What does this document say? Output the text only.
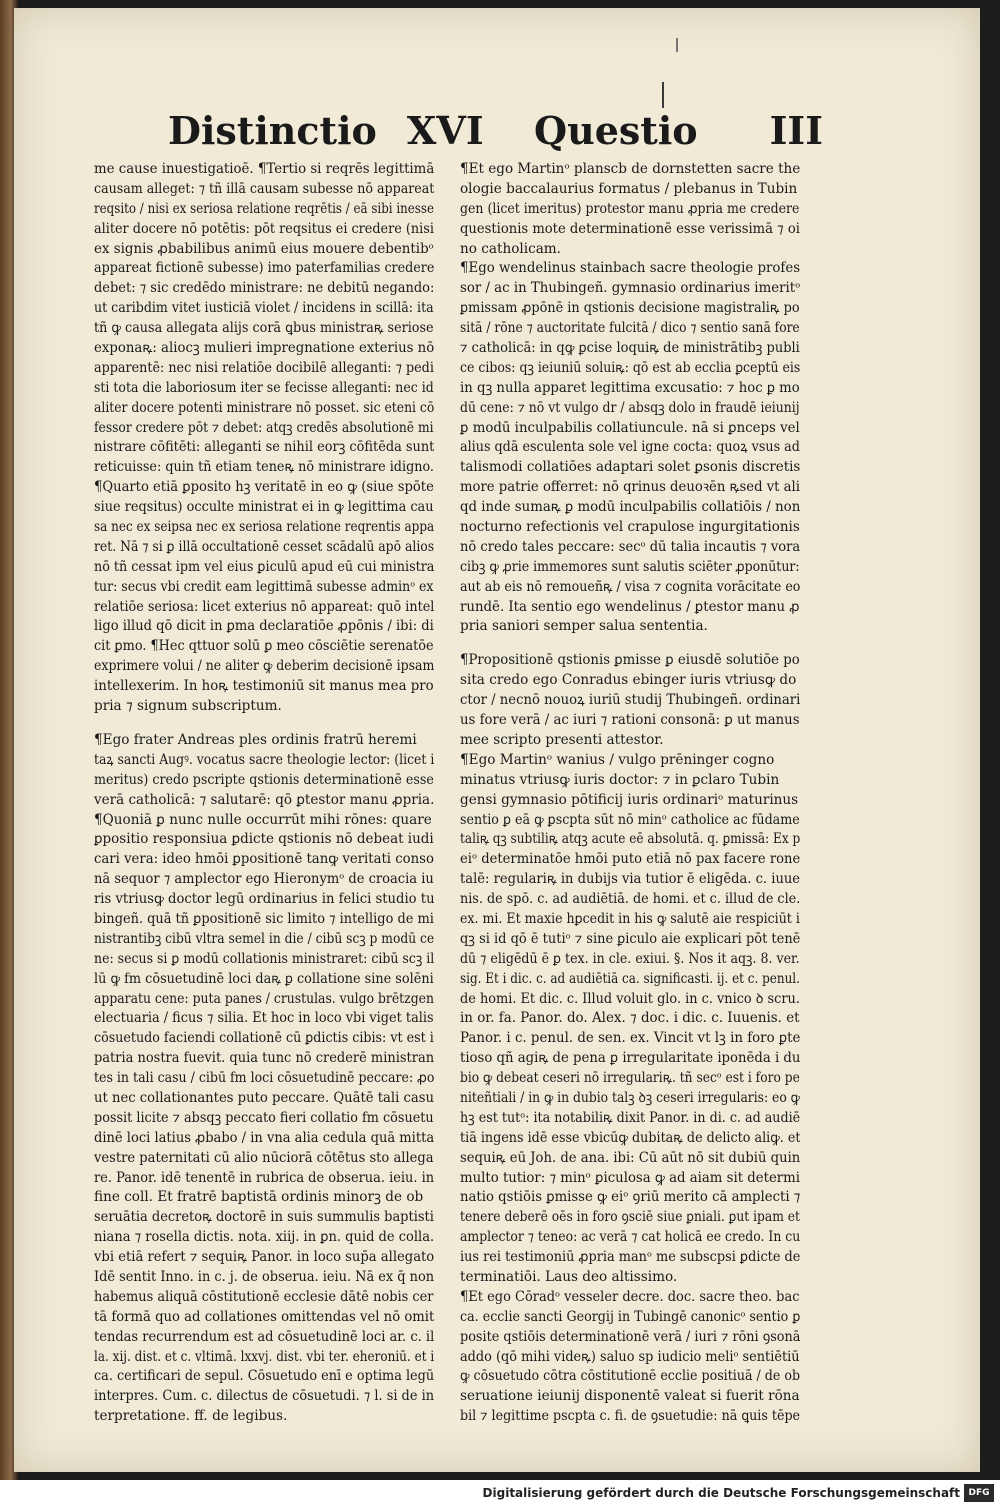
Distinctio XVI Questio III
me cause inuestigatioē. ¶Tertio si reqrēs legittimā
causam alleget: ⁊ tñ illā causam subesse nō appareat
reqsito / nisi ex seriosa relatione reqrētis / eā sibi inesse
aliter docere nō potētis: pōt reqsitus ei credere (nisi
ex signis ꝓbabilibus animū eius mouere debentibᵒ
appareat fictionē subesse) imo paterfamilias credere
debet: ⁊ sic credēdo ministrare: ne debitū negando:
ut caribdim vitet iusticiā violet / incidens in scillā: ita
tñ ꝙ causa allegata alijs corā ꝗbus ministraꝶ seriose
exponaꝶ: aliocꝫ mulieri impregnatione exterius nō
apparentē: nec nisi relatiōe docibilē alleganti: ⁊ pedi
sti tota die laboriosum iter se fecisse alleganti: nec id
aliter docere potenti ministrare nō posset. sic eteni cō
fessor credere pōt ⁊ debet: atqꝫ credēs absolutionē mi
nistrare cōfitēti: alleganti se nihil eorꝫ cōfitēda sunt
reticuisse: quin tñ etiam teneꝶ nō ministrare idigno.
¶Quarto etiā ꝑposito hꝫ veritatē in eo ꝙ (siue spōte
siue reqsitus) occulte ministrat ei in ꝙ legittima cau
sa nec ex seipsa nec ex seriosa relatione reqrentis appa
ret. Nā ⁊ si ꝑ illā occultationē cesset scādalū apō alios
nō tñ cessat ipm vel eius ꝑiculū apud eū cui ministra
tur: secus vbi credit eam legittimā subesse adminᵒ ex
relatiōe seriosa: licet exterius nō appareat: quō intel
ligo illud qō dicit in ꝑma declaratiōe ꝓpōnis / ibi: di
cit ꝑmo. ¶Hec qttuor solū ꝑ meo cōsciētie serenatōe
exprimere volui / ne aliter ꝙ deberim decisionē ipsam
intellexerim. In hoꝶ testimoniū sit manus mea pro
pria ⁊ signum subscriptum.
¶Ego frater Andreas ples ordinis fratrū heremi
taꝝ sancti Augꝰ. vocatus sacre theologie lector: (licet i
meritus) credo pscripte qstionis determinationē esse
verā catholicā: ⁊ salutarē: qō ꝑtestor manu ꝓpria.
¶Quoniā ꝑ nunc nulle occurrūt mihi rōnes: quare
ꝑpositio responsiua ꝑdicte qstionis nō debeat iudi
cari vera: ideo hmōi ꝑpositionē tanꝙ veritati conso
nā sequor ⁊ amplector ego Hieronymᵒ de croacia iu
ris vtriusꝙ doctor legū ordinarius in felici studio tu
bingeñ. quā tñ ꝑpositionē sic limito ⁊ intelligo de mi
nistrantibꝫ cibū vltra semel in die / cibū scꝫ p modū ce
ne: secus si ꝑ modū collationis ministraret: cibū scꝫ il
lū ꝙ fm cōsuetudinē loci daꝶ ꝑ collatione sine solēni
apparatu cene: puta panes / crustulas. vulgo brētzgen
electuaria / ficus ⁊ silia. Et hoc in loco vbi viget talis
cōsuetudo faciendi collationē cū ꝑdictis cibis: vt est i
patria nostra fuevit. quia tunc nō crederē ministran
tes in tali casu / cibū fm loci cōsuetudinē peccare: ꝓo
ut nec collationantes puto peccare. Quātē tali casu
possit licite ⁊ absqꝫ peccato fieri collatio fm cōsuetu
dinē loci latius ꝓbabo / in vna alia cedula quā mitta
vestre paternitati cū alio nūciorā cōtētus sto allega
re. Panor. idē tenentē in rubrica de obserua. ieiu. in
fine coll. Et fratrē baptistā ordinis minorꝫ de ob
seruātia decretoꝶ doctorē in suis summulis baptisti
niana ⁊ rosella dictis. nota. xiij. in ꝑn. quid de colla.
vbi etiā refert ⁊ sequiꝶ Panor. in loco sup̄a allegato
Idē sentit Inno. in c. j. de obserua. ieiu. Nā ex q̄ non
habemus aliquā cōstitutionē ecclesie dātē nobis cer
tā formā quo ad collationes omittendas vel nō omit
tendas recurrendum est ad cōsuetudinē loci ar. c. il
la. xij. dist. et c. vltimā. lxxvj. dist. vbi ter. eheroniū. et i
ca. certificari de sepul. Cōsuetudo enī e optima legū
interpres. Cum. c. dilectus de cōsuetudi. ⁊ l. si de in
terpretatione. ff. de legibus.
¶Et ego Martinᵒ planscb de dornstetten sacre the
ologie baccalaurius formatus / plebanus in Tubin
gen (licet imeritus) protestor manu ꝓpria me credere
questionis mote determinationē esse verissimā ⁊ oi
no catholicam.
¶Ego wendelinus stainbach sacre theologie profes
sor / ac in Thubingeñ. gymnasio ordinarius imeritᵒ
ꝑmissam ꝓpōnē in qstionis decisione magistraliꝶ po
sitā / rōne ⁊ auctoritate fulcitā / dico ⁊ sentio sanā fore
⁊ catholicā: in qꝙ ꝑcise loquiꝶ de ministrātibꝫ publi
ce cibos: qꝫ ieiuniū soluiꝶ: qō est ab ecclia ꝑceptū eis
in qꝫ nulla apparet legittima excusatio: ⁊ hoc ꝑ mo
dū cene: ⁊ nō vt vulgo dr / absqꝫ dolo in fraudē ieiunij
ꝑ modū inculpabilis collatiuncule. nā si ꝑnceps vel
alius qdā esculenta sole vel igne cocta: quoꝝ vsus ad
talismodi collatiōes adaptari solet ꝑsonis discretis
more patrie offerret: nō qrinus deuoꝛēn ꝶsed vt ali
qd inde sumaꝶ ꝑ modū inculpabilis collatiōis / non
nocturno refectionis vel crapulose ingurgitationis
nō credo tales peccare: secᵒ dū talia incautis ⁊ vora
cibꝫ ꝙ ꝓrie immemores sunt salutis sciēter ꝓponūtur:
aut ab eis nō remoueñꝶ / visa ⁊ cognita vorācitate eo
rundē. Ita sentio ego wendelinus / ꝑtestor manu ꝓ
pria saniori semper salua sententia.
¶Propositionē qstionis ꝑmisse ꝑ eiusdē solutiōe po
sita credo ego Conradus ebinger iuris vtriusꝙ do
ctor / necnō nouoꝝ iuriū studij Thubingeñ. ordinari
us fore verā / ac iuri ⁊ rationi consonā: ꝑ ut manus
mee scripto presenti attestor.
¶Ego Martinᵒ wanius / vulgo prēninger cogno
minatus vtriusꝙ iuris doctor: ⁊ in ꝑclaro Tubin
gensi gymnasio pōtificij iuris ordinariᵒ maturinus
sentio ꝑ eā ꝙ ꝑscpta sūt nō minᵒ catholice ac fūdame
taliꝶ qꝫ subtiliꝶ atqꝫ acute eē absolutā. q. ꝑmissā: Ex p
eiᵒ determinatōe hmōi puto etiā nō pax facere rone
talē: regulariꝶ in dubijs via tutior ē eligēda. c. iuue
nis. de spō. c. ad audiētiā. de homi. et c. illud de cle.
ex. mi. Et maxie hꝑcedit in his ꝙ salutē aie respiciūt i
qꝫ si id qō ē tutiᵒ ⁊ sine ꝑiculo aie explicari pōt tenē
dū ⁊ eligēdū ē ꝑ tex. in cle. exiui. §. Nos it aqꝫ. 8. ver.
sig. Et i dic. c. ad audiētiā ca. significasti. ij. et c. penul.
de homi. Et dic. c. Illud voluit glo. in c. vnico ꝺ scru.
in or. fa. Panor. do. Alex. ⁊ doc. i dic. c. Iuuenis. et
Panor. i c. penul. de sen. ex. Vincit vt lꝫ in foro ꝑte
tioso qñ agiꝶ de pena ꝑ irregularitate iponēda i du
bio ꝙ debeat ceseri nō irregulariꝶ. tñ secᵒ est i foro pe
niteñtiali / in ꝙ in dubio talꝫ ꝺꝫ ceseri irregularis: eo ꝙ
hꝫ est tutᵒ: ita notabiliꝶ dixit Panor. in di. c. ad audiē
tiā ingens idē esse vbicūꝙ dubitaꝶ de delicto aliꝙ. et
sequiꝶ eū Joh. de ana. ibi: Cū aūt nō sit dubiū quin
multo tutior: ⁊ minᵒ ꝑiculosa ꝙ ad aiam sit determi
natio qstiōis ꝑmisse ꝙ eiᵒ ꝯriū merito cā amplecti ⁊
tenere deberē oēs in foro ꝯsciē siue ꝑniali. ꝑut ipam et
amplector ⁊ teneo: ac verā ⁊ cat holicā ee credo. In cu
ius rei testimoniū ꝓpria manᵒ me subscpsi ꝑdicte de
terminatiōi. Laus deo altissimo.
¶Et ego Cōradᵒ vesseler decre. doc. sacre theo. bac
ca. ecclie sancti Georgij in Tubingē canonicᵒ sentio ꝑ
posite qstiōis determinationē verā / iuri ⁊ rōni ꝯsonā
addo (qō mihi videꝶ) saluo sp iudicio meliᵒ sentiētiū
ꝙ cōsuetudo cōtra cōstitutionē ecclie positiuā / de ob
seruatione ieiunij disponentē valeat si fuerit rōna
bil ⁊ legittime pscpta c. fi. de ꝯsuetudie: nā ꝗuis tēpe
Digitalisierung gefördert durch die Deutsche Forschungsgemeinschaft DFG
